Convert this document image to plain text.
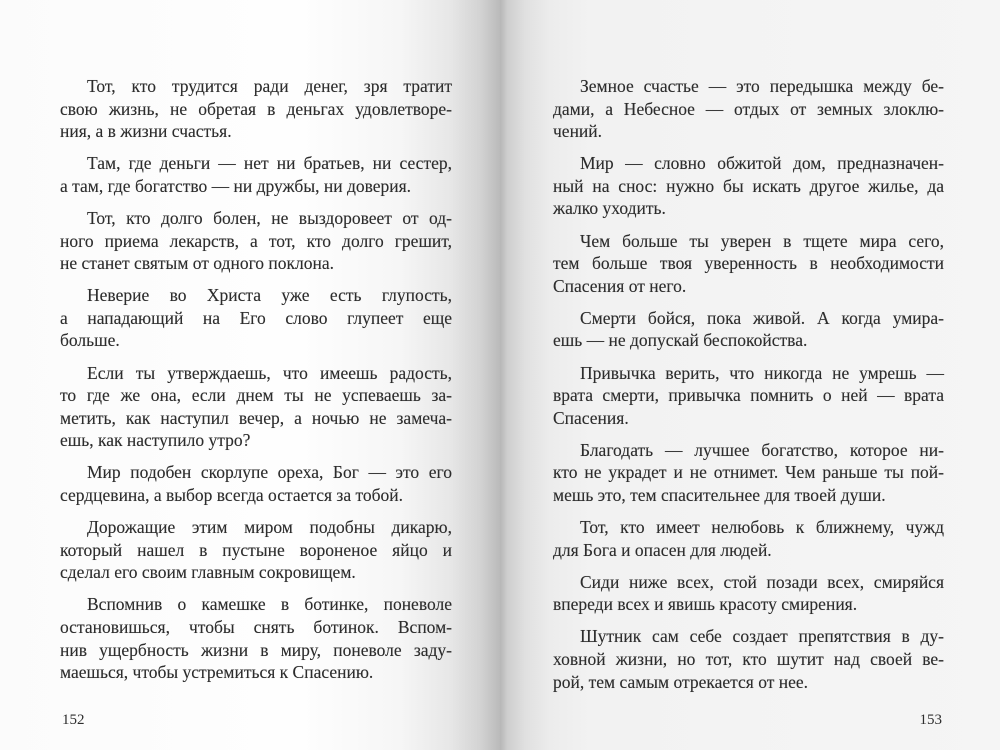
Тот, кто трудится ради денег, зря тратит
свою жизнь, не обретая в деньгах удовлетворе-
ния, а в жизни счастья.
Там, где деньги — нет ни братьев, ни сестер,
а там, где богатство — ни дружбы, ни доверия.
Тот, кто долго болен, не выздоровеет от од-
ного приема лекарств, а тот, кто долго грешит,
не станет святым от одного поклона.
Неверие во Христа уже есть глупость,
а нападающий на Его слово глупеет еще
больше.
Если ты утверждаешь, что имеешь радость,
то где же она, если днем ты не успеваешь за-
метить, как наступил вечер, а ночью не замеча-
ешь, как наступило утро?
Мир подобен скорлупе ореха, Бог — это его
сердцевина, а выбор всегда остается за тобой.
Дорожащие этим миром подобны дикарю,
который нашел в пустыне вороненое яйцо и
сделал его своим главным сокровищем.
Вспомнив о камешке в ботинке, поневоле
остановишься, чтобы снять ботинок. Вспом-
нив ущербность жизни в миру, поневоле заду-
маешься, чтобы устремиться к Спасению.
152
Земное счастье — это передышка между бе-
дами, а Небесное — отдых от земных злоклю-
чений.
Мир — словно обжитой дом, предназначен-
ный на снос: нужно бы искать другое жилье, да
жалко уходить.
Чем больше ты уверен в тщете мира сего,
тем больше твоя уверенность в необходимости
Спасения от него.
Смерти бойся, пока живой. А когда умира-
ешь — не допускай беспокойства.
Привычка верить, что никогда не умрешь —
врата смерти, привычка помнить о ней — врата
Спасения.
Благодать — лучшее богатство, которое ни-
кто не украдет и не отнимет. Чем раньше ты пой-
мешь это, тем спасительнее для твоей души.
Тот, кто имеет нелюбовь к ближнему, чужд
для Бога и опасен для людей.
Сиди ниже всех, стой позади всех, смиряйся
впереди всех и явишь красоту смирения.
Шутник сам себе создает препятствия в ду-
ховной жизни, но тот, кто шутит над своей ве-
рой, тем самым отрекается от нее.
153
